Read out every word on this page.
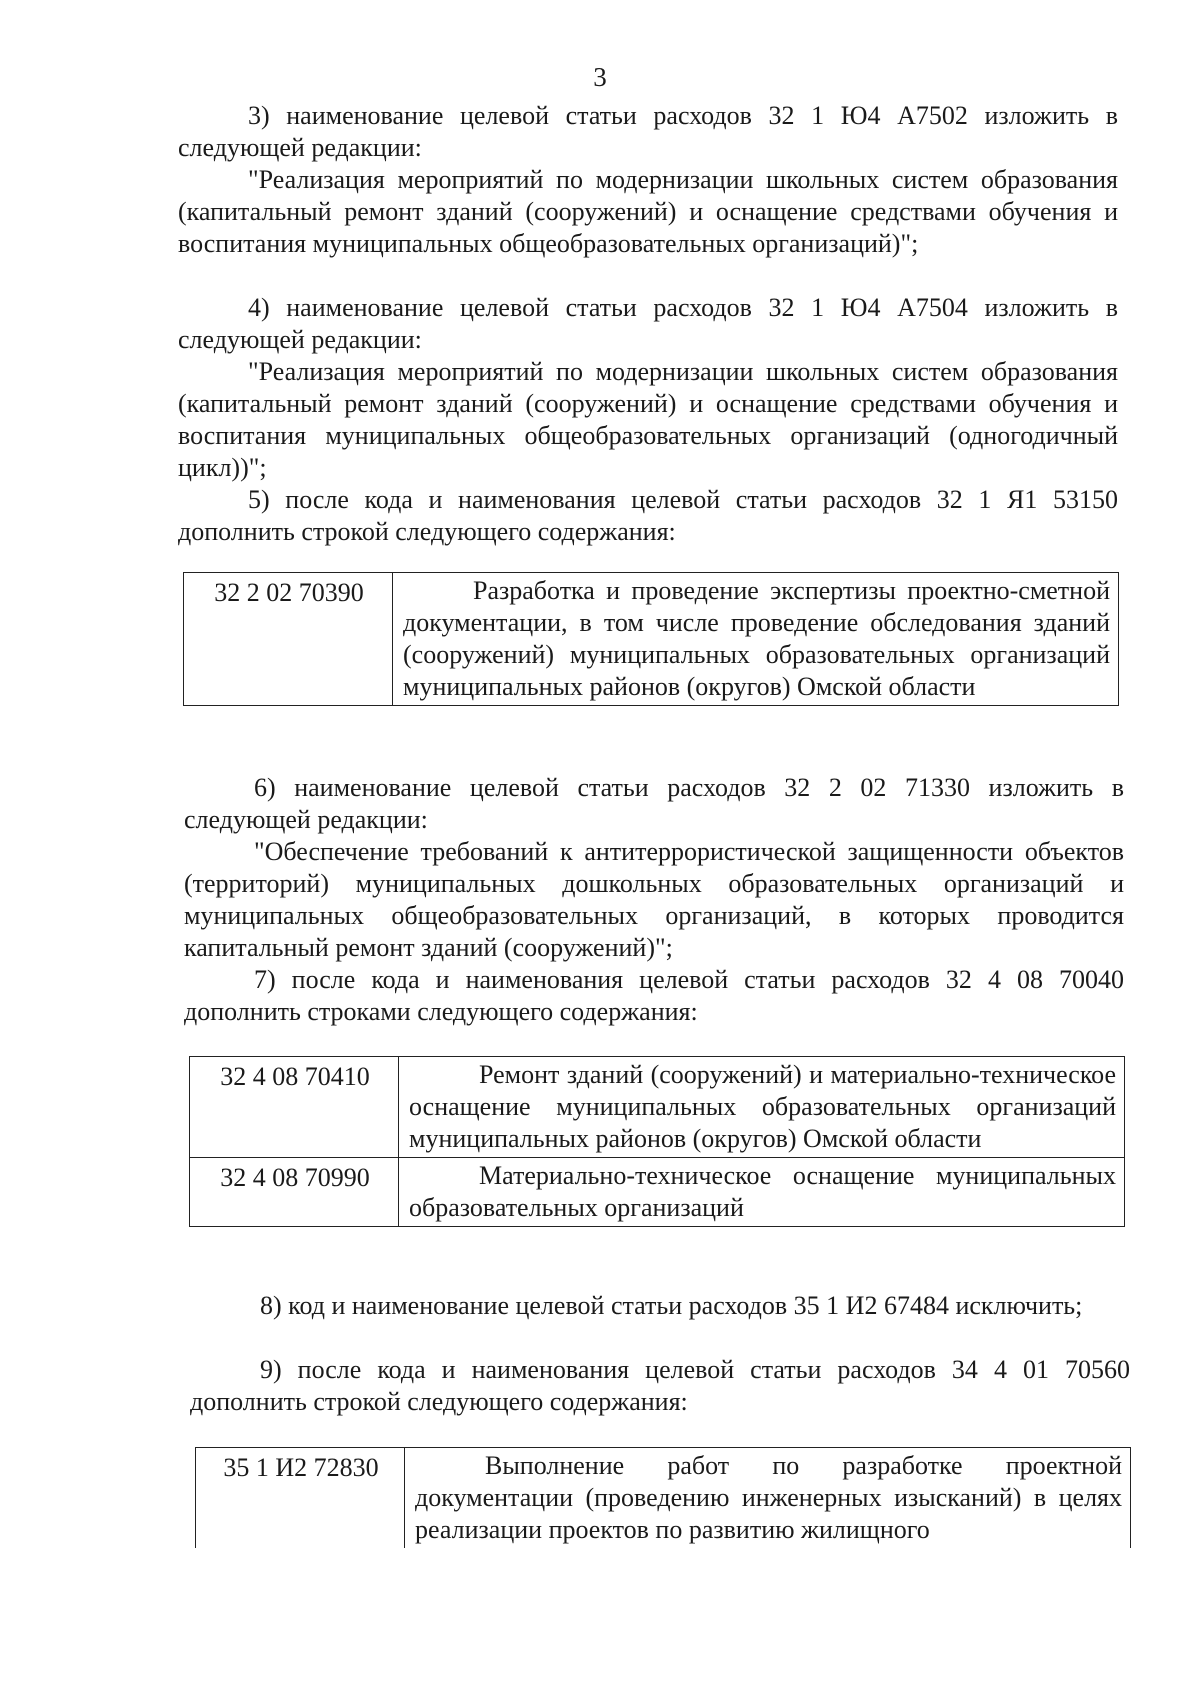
3
3) наименование целевой статьи расходов 32 1 Ю4 А7502 изложить в следующей редакции:
"Реализация мероприятий по модернизации школьных систем образования (капитальный ремонт зданий (сооружений) и оснащение средствами обучения и воспитания муниципальных общеобразовательных организаций)";
4) наименование целевой статьи расходов 32 1 Ю4 А7504 изложить в следующей редакции:
"Реализация мероприятий по модернизации школьных систем образования (капитальный ремонт зданий (сооружений) и оснащение средствами обучения и воспитания муниципальных общеобразовательных организаций (одногодичный цикл))";
5) после кода и наименования целевой статьи расходов 32 1 Я1 53150 дополнить строкой следующего содержания:
32 2 02 70390	Разработка и проведение экспертизы проектно-сметной документации, в том числе проведение обследования зданий (сооружений) муниципальных образовательных организаций муниципальных районов (округов) Омской области
6) наименование целевой статьи расходов 32 2 02 71330 изложить в следующей редакции:
"Обеспечение требований к антитеррористической защищенности объектов (территорий) муниципальных дошкольных образовательных организаций и муниципальных общеобразовательных организаций, в которых проводится капитальный ремонт зданий (сооружений)";
7) после кода и наименования целевой статьи расходов 32 4 08 70040 дополнить строками следующего содержания:
32 4 08 70410	Ремонт зданий (сооружений) и материально-техническое оснащение муниципальных образовательных организаций муниципальных районов (округов) Омской области
32 4 08 70990	Материально-техническое оснащение муниципальных образовательных организаций
8) код и наименование целевой статьи расходов 35 1 И2 67484 исключить;
9) после кода и наименования целевой статьи расходов 34 4 01 70560 дополнить строкой следующего содержания:
35 1 И2 72830	Выполнение работ по разработке проектной документации (проведению инженерных изысканий) в целях реализации проектов по развитию жилищного
